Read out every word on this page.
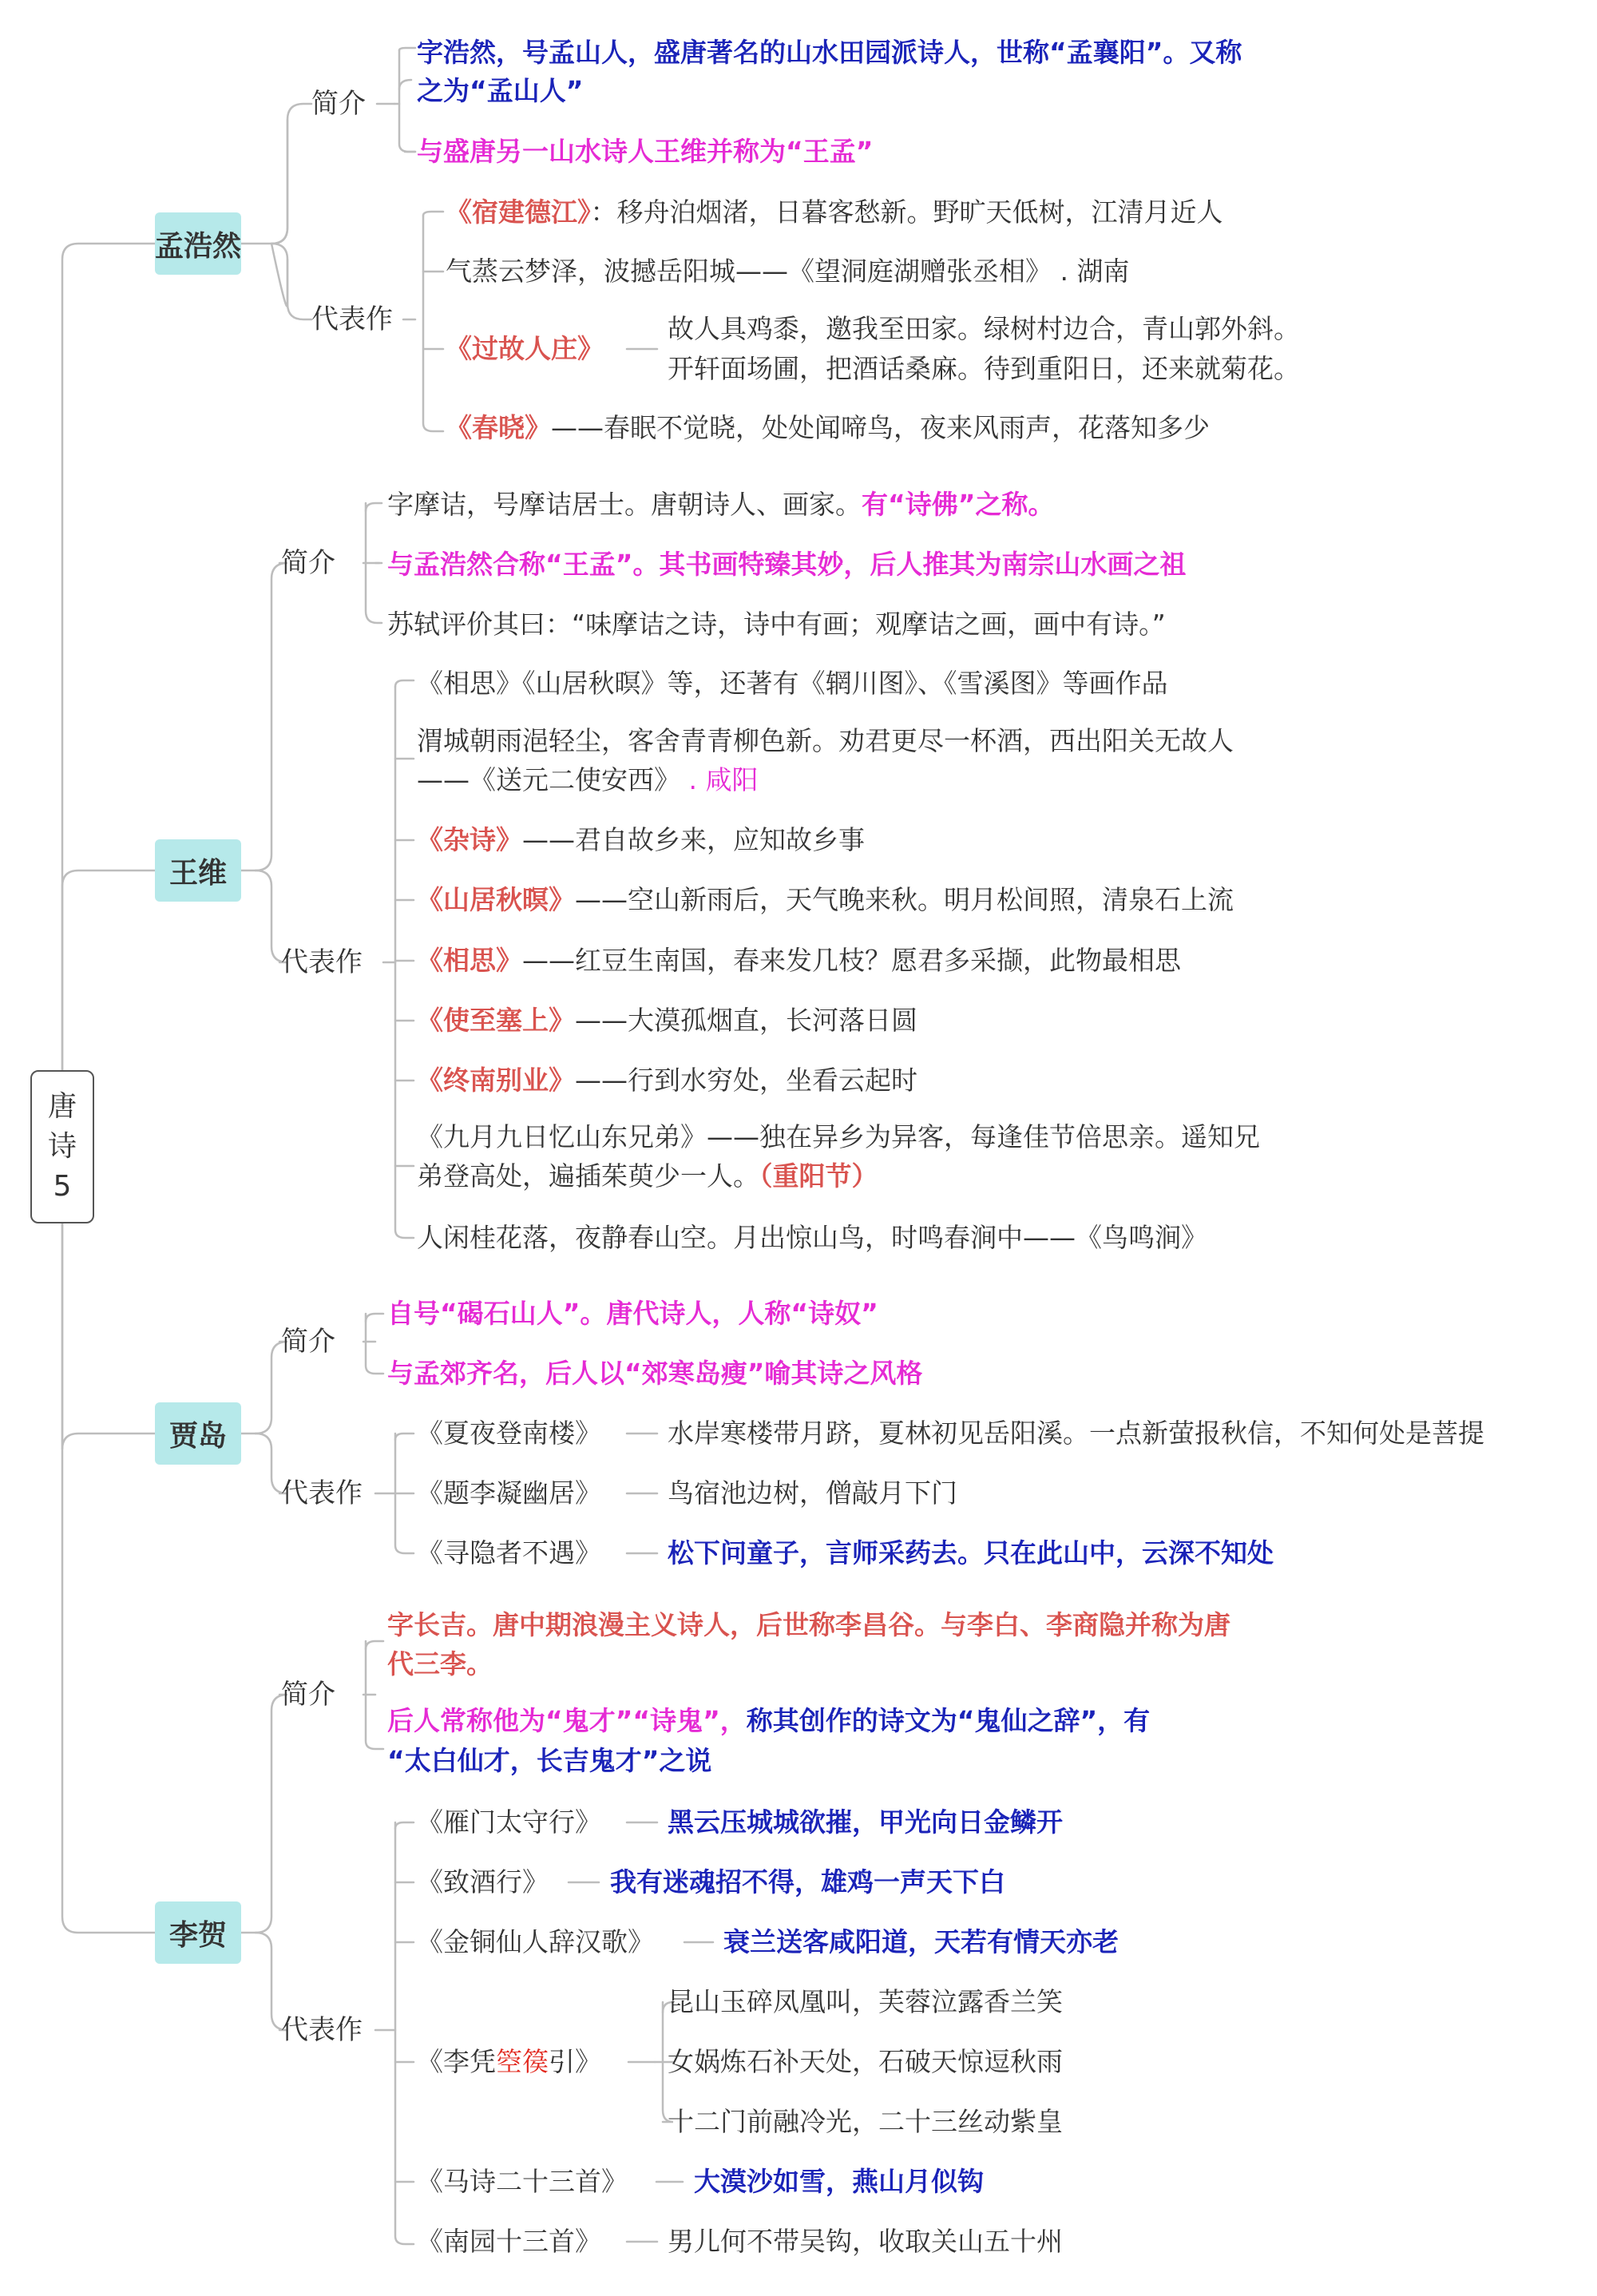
唐
诗
5
孟浩然
简介
代表作
字浩然，号孟山人，盛唐著名的山水田园派诗人，世称“孟襄阳”。又称
之为“孟山人”
与盛唐另一山水诗人王维并称为“王孟”
《宿建德江》：移舟泊烟渚，日暮客愁新。野旷天低树，江清月近人
气蒸云梦泽，波撼岳阳城——《望洞庭湖赠张丞相》 . 湖南
《过故人庄》
故人具鸡黍，邀我至田家。绿树村边合，青山郭外斜。
开轩面场圃，把酒话桑麻。待到重阳日，还来就菊花。
《春晓》——春眠不觉晓，处处闻啼鸟，夜来风雨声，花落知多少
王维
简介
代表作
字摩诘，号摩诘居士。唐朝诗人、画家。有“诗佛”之称。
与孟浩然合称“王孟”。其书画特臻其妙，后人推其为南宗山水画之祖
苏轼评价其曰：“味摩诘之诗，诗中有画；观摩诘之画，画中有诗。”
《相思》《山居秋暝》等，还著有《辋川图》、《雪溪图》等画作品
渭城朝雨浥轻尘，客舍青青柳色新。劝君更尽一杯酒，西出阳关无故人
——《送元二使安西》 . 咸阳
《杂诗》——君自故乡来，应知故乡事
《山居秋暝》——空山新雨后，天气晚来秋。明月松间照，清泉石上流
《相思》——红豆生南国，春来发几枝？愿君多采撷，此物最相思
《使至塞上》——大漠孤烟直，长河落日圆
《终南别业》——行到水穷处，坐看云起时
《九月九日忆山东兄弟》——独在异乡为异客，每逢佳节倍思亲。遥知兄
弟登高处，遍插茱萸少一人。（重阳节）
人闲桂花落，夜静春山空。月出惊山鸟，时鸣春涧中——《鸟鸣涧》
贾岛
简介
代表作
自号“碣石山人”。唐代诗人，人称“诗奴”
与孟郊齐名，后人以“郊寒岛瘦”喻其诗之风格
《夏夜登南楼》	水岸寒楼带月跻，夏林初见岳阳溪。一点新萤报秋信，不知何处是菩提
《题李凝幽居》	鸟宿池边树，僧敲月下门
《寻隐者不遇》	松下问童子，言师采药去。只在此山中，云深不知处
李贺
简介
代表作
字长吉。唐中期浪漫主义诗人，后世称李昌谷。与李白、李商隐并称为唐
代三李。
后人常称他为“鬼才”“诗鬼”，称其创作的诗文为“鬼仙之辞”，有
“太白仙才，长吉鬼才”之说
《雁门太守行》	黑云压城城欲摧，甲光向日金鳞开
《致酒行》 我有迷魂招不得，雄鸡一声天下白
《金铜仙人辞汉歌》	衰兰送客咸阳道，天若有情天亦老
《李凭箜篌引》
昆山玉碎凤凰叫，芙蓉泣露香兰笑
女娲炼石补天处，石破天惊逗秋雨
十二门前融冷光，二十三丝动紫皇
《马诗二十三首》	大漠沙如雪，燕山月似钩
《南园十三首》	男儿何不带吴钩，收取关山五十州
